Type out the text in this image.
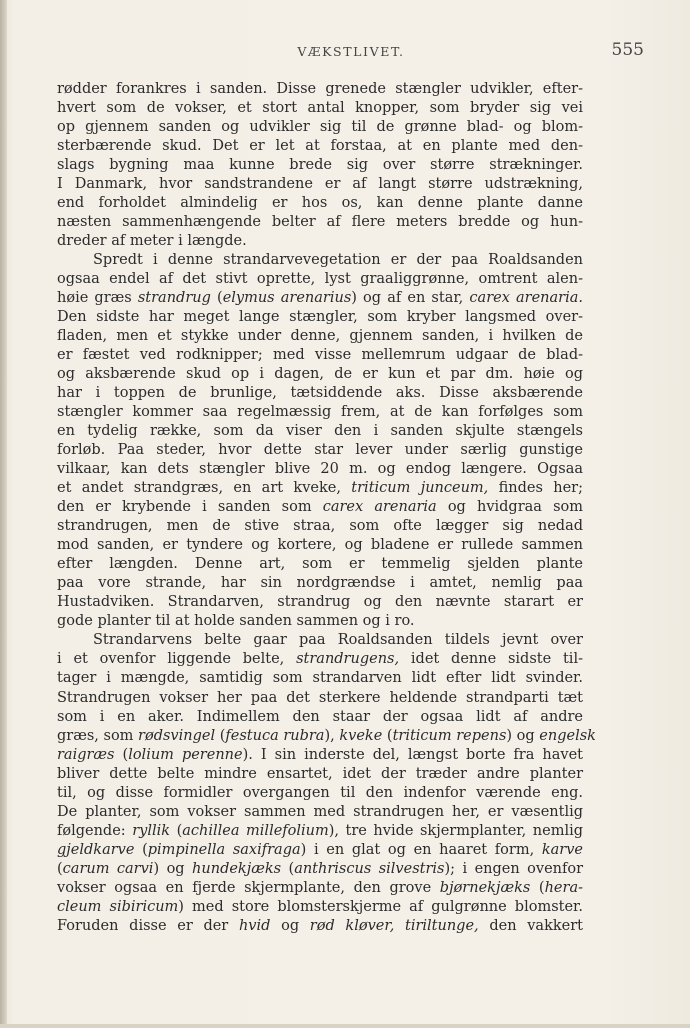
VÆKSTLIVET.	555
rødder forankres i sanden. Disse grenede stængler udvikler, efter-
hvert som de vokser, et stort antal knopper, som bryder sig vei
op gjennem sanden og udvikler sig til de grønne blad- og blom-
sterbærende skud. Det er let at forstaa, at en plante med den-
slags bygning maa kunne brede sig over større strækninger.
I Danmark, hvor sandstrandene er af langt større udstrækning,
end forholdet almindelig er hos os, kan denne plante danne
næsten sammenhængende belter af flere meters bredde og hun-
dreder af meter i længde.
Spredt i denne strandarvevegetation er der paa Roaldsanden
ogsaa endel af det stivt oprette, lyst graaliggrønne, omtrent alen-
høie græs strandrug (elymus arenarius) og af en star, carex arenaria.
Den sidste har meget lange stængler, som kryber langsmed over-
fladen, men et stykke under denne, gjennem sanden, i hvilken de
er fæstet ved rodknipper; med visse mellemrum udgaar de blad-
og aksbærende skud op i dagen, de er kun et par dm. høie og
har i toppen de brunlige, tætsiddende aks. Disse aksbærende
stængler kommer saa regelmæssig frem, at de kan forfølges som
en tydelig række, som da viser den i sanden skjulte stængels
forløb. Paa steder, hvor dette star lever under særlig gunstige
vilkaar, kan dets stængler blive 20 m. og endog længere. Ogsaa
et andet strandgræs, en art kveke, triticum junceum, findes her;
den er krybende i sanden som carex arenaria og hvidgraa som
strandrugen, men de stive straa, som ofte lægger sig nedad
mod sanden, er tyndere og kortere, og bladene er rullede sammen
efter længden. Denne art, som er temmelig sjelden plante
paa vore strande, har sin nordgrændse i amtet, nemlig paa
Hustadviken. Strandarven, strandrug og den nævnte starart er
gode planter til at holde sanden sammen og i ro.
Strandarvens belte gaar paa Roaldsanden tildels jevnt over
i et ovenfor liggende belte, strandrugens, idet denne sidste til-
tager i mængde, samtidig som strandarven lidt efter lidt svinder.
Strandrugen vokser her paa det sterkere heldende strandparti tæt
som i en aker. Indimellem den staar der ogsaa lidt af andre
græs, som rødsvingel (festuca rubra), kveke (triticum repens) og engelsk
raigræs (lolium perenne). I sin inderste del, længst borte fra havet
bliver dette belte mindre ensartet, idet der træder andre planter
til, og disse formidler overgangen til den indenfor værende eng.
De planter, som vokser sammen med strandrugen her, er væsentlig
følgende: ryllik (achillea millefolium), tre hvide skjermplanter, nemlig
gjeldkarve (pimpinella saxifraga) i en glat og en haaret form, karve
(carum carvi) og hundekjæks (anthriscus silvestris); i engen ovenfor
vokser ogsaa en fjerde skjermplante, den grove bjørnekjæks (hera-
cleum sibiricum) med store blomsterskjerme af gulgrønne blomster.
Foruden disse er der hvid og rød kløver, tiriltunge, den vakkert
